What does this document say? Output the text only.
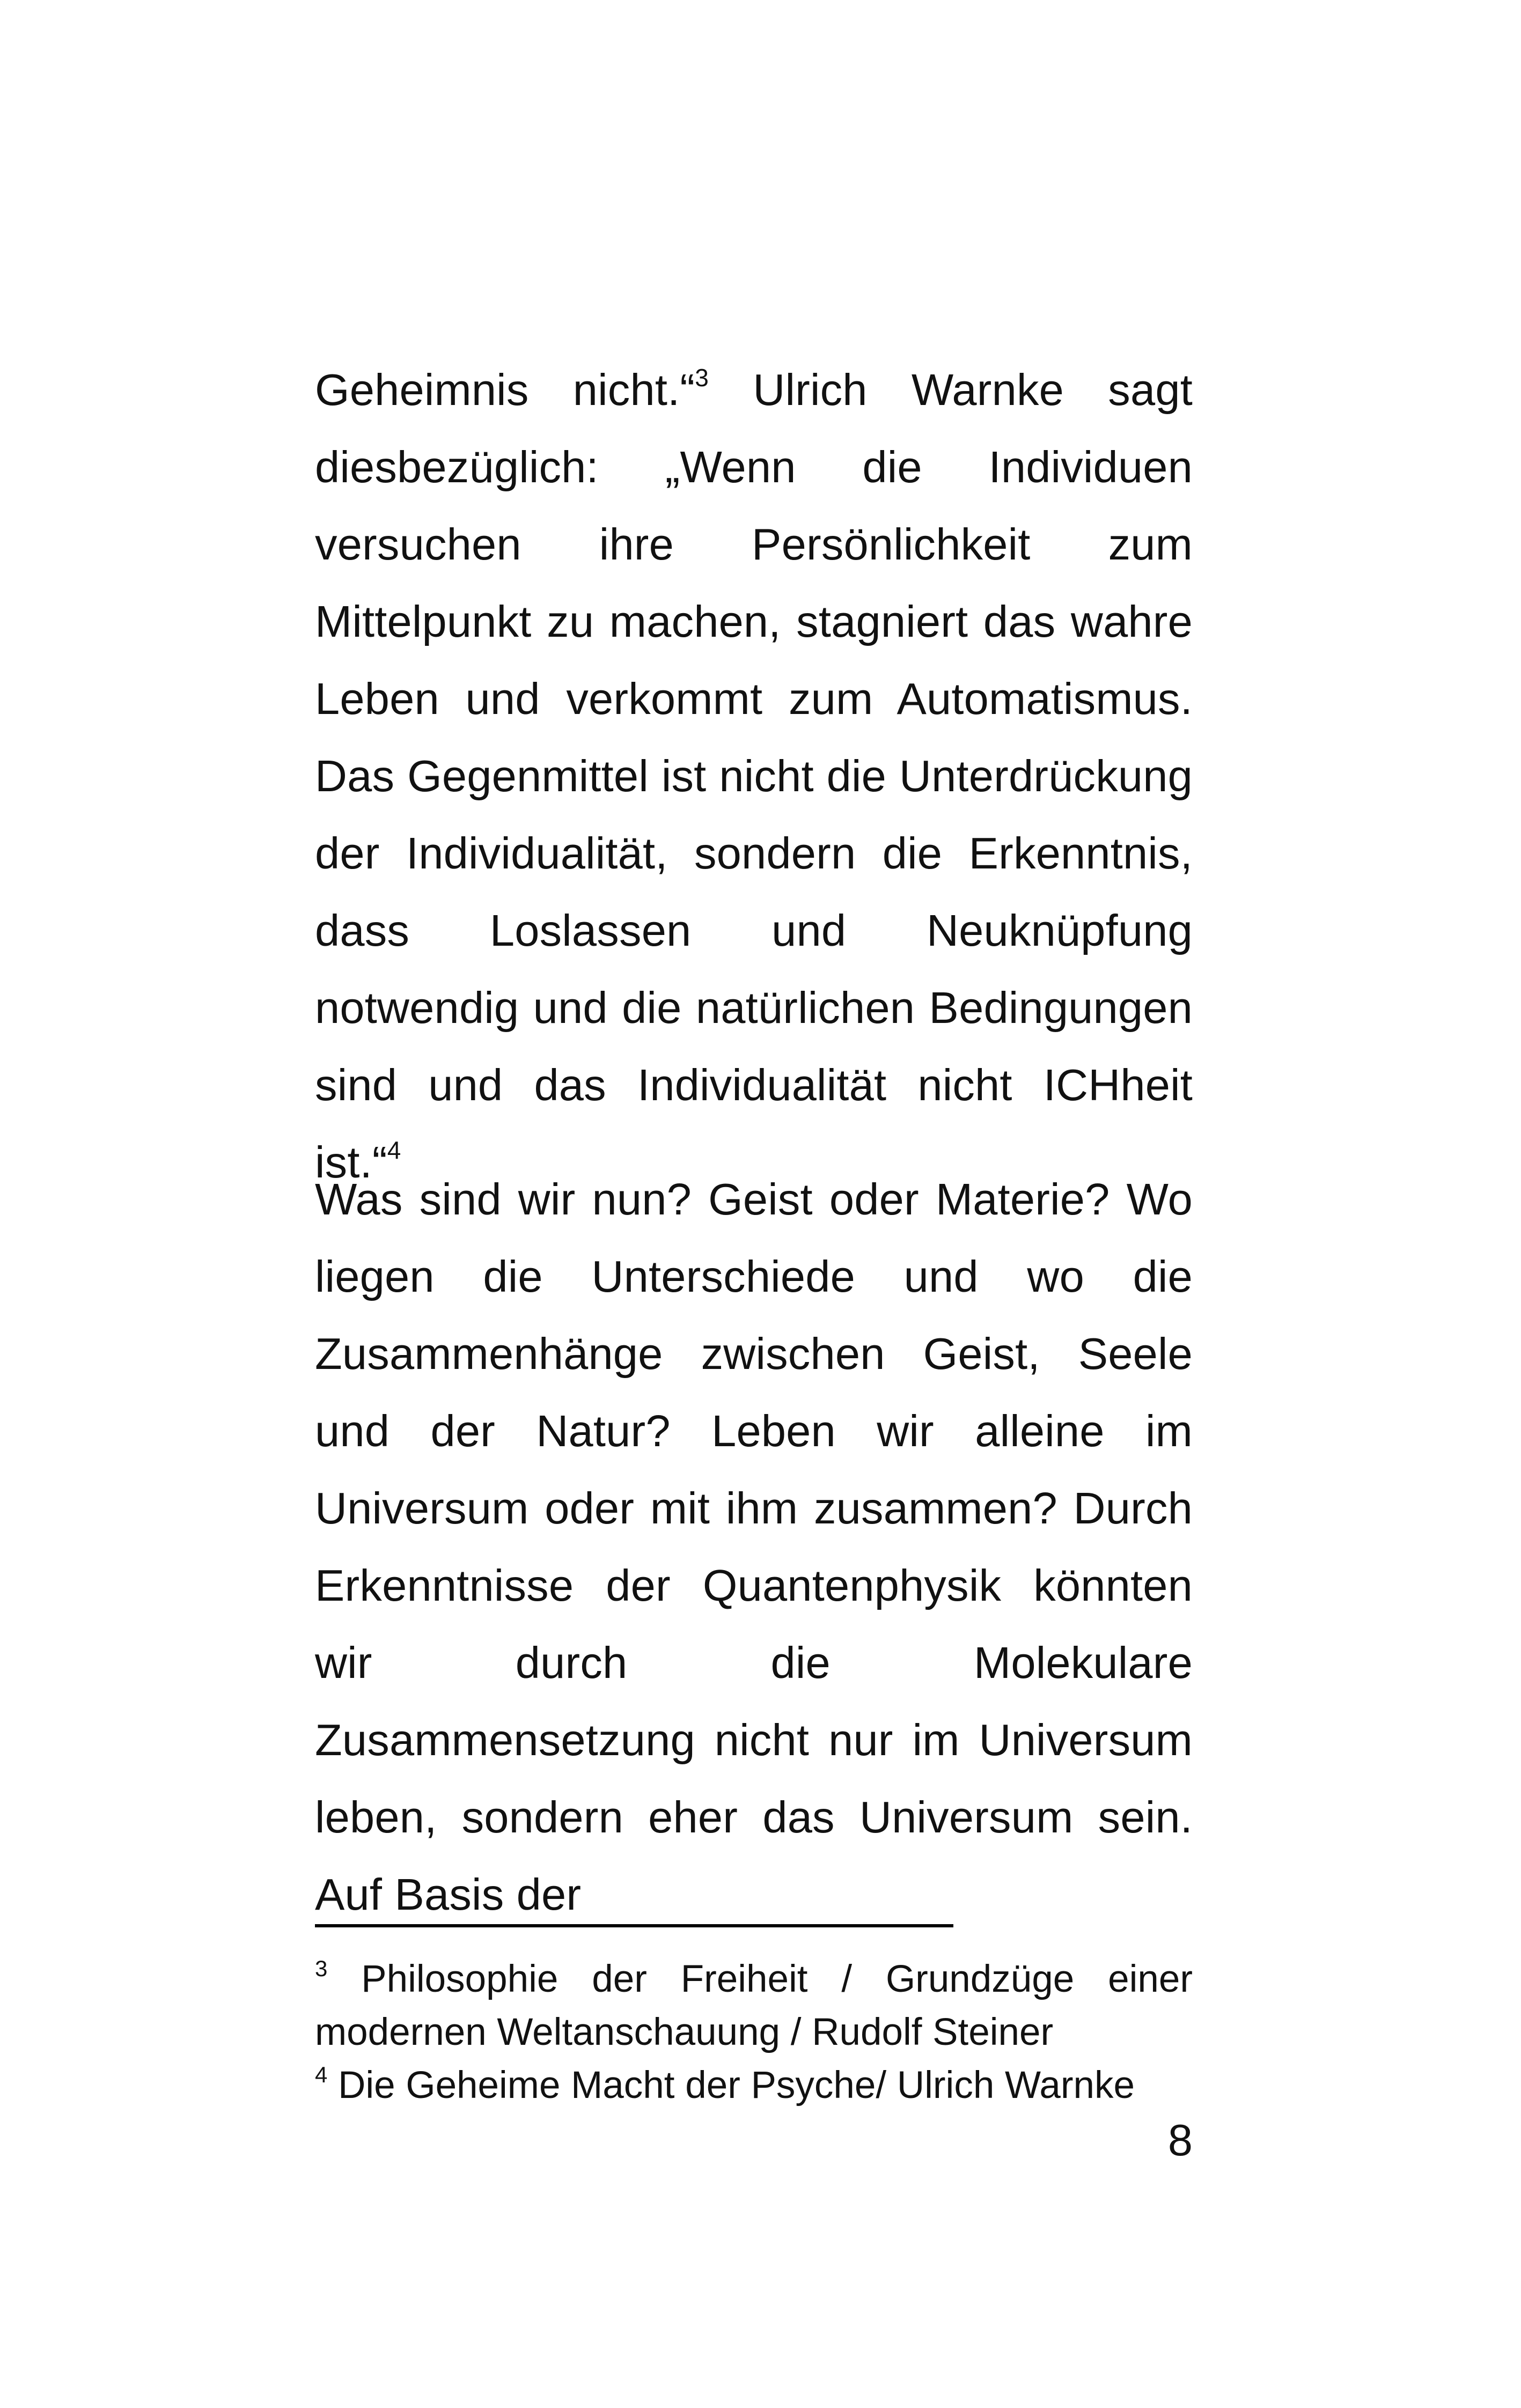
Geheimnis nicht.“$^3$ Ulrich Warnke sagt diesbezüglich: „Wenn die Individuen versuchen ihre Persönlichkeit zum Mittelpunkt zu machen, stagniert das wahre Leben und verkommt zum Automatismus. Das Gegenmittel ist nicht die Unterdrückung der Individualität, sondern die Erkenntnis, dass Loslassen und Neuknüpfung notwendig und die natürlichen Bedingungen sind und das Individualität nicht ICHheit ist.“$^4$

Was sind wir nun? Geist oder Materie? Wo liegen die Unterschiede und wo die Zusammenhänge zwischen Geist, Seele und der Natur? Leben wir alleine im Universum oder mit ihm zusammen? Durch Erkenntnisse der Quantenphysik könnten wir durch die Molekulare Zusammensetzung nicht nur im Universum leben, sondern eher das Universum sein. Auf Basis der

$^3$ Philosophie der Freiheit / Grundzüge einer modernen Weltanschauung / Rudolf Steiner

$^4$ Die Geheime Macht der Psyche/ Ulrich Warnke

8
